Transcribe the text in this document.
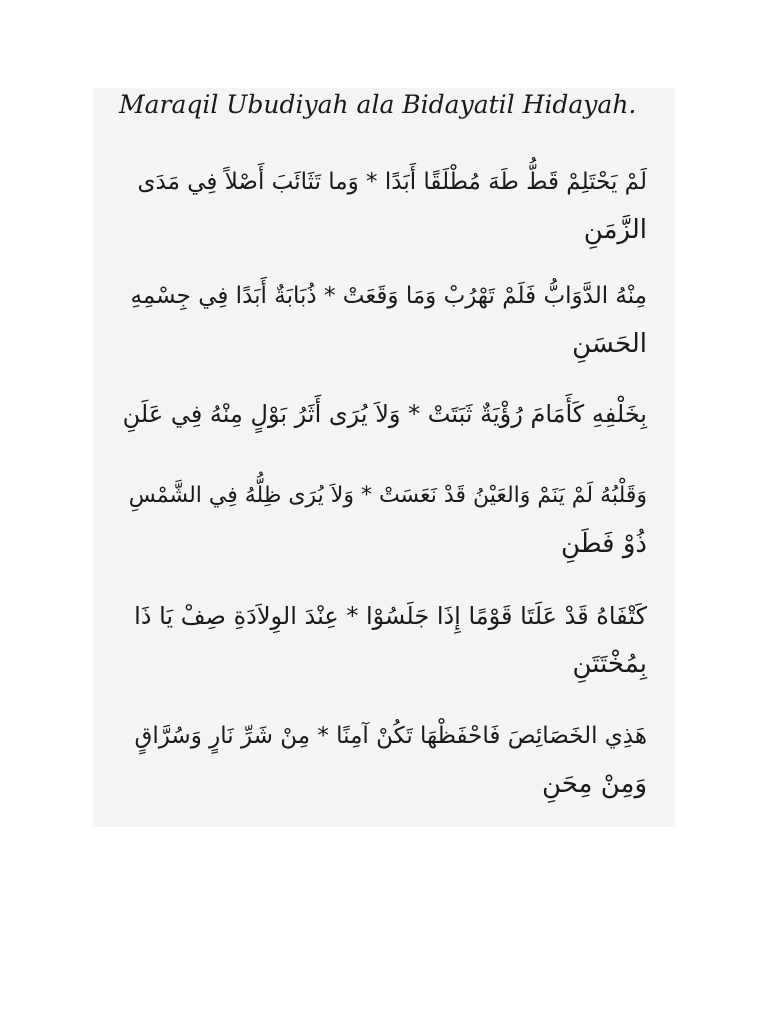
Maraqil Ubudiyah ala Bidayatil Hidayah.
لَمْ يَحْتَلِمْ قَطُّ طَهَ مُطْلَقًا أَبَدًا * وَما تَثَائَبَ أَصْلاً فِي مَدَى
الزَّمَنِ
مِنْهُ الدَّوَابُّ فَلَمْ تَهْرُبْ وَمَا وَقَعَتْ * ذُبَابَةٌ أَبَدًا فِي جِسْمِهِ
الحَسَنِ
بِخَلْفِهِ كَأَمَامَ رُؤْيَةٌ ثَبَتَتْ * وَلاَ يُرَى أَثَرُ بَوْلٍ مِنْهُ فِي عَلَنِ
وَقَلْبُهُ لَمْ يَنَمْ وَالعَيْنُ قَدْ نَعَسَتْ * وَلاَ يُرَى ظِلُّهُ فِي الشَّمْسِ
ذُوْ فَطَنِ
كَتْفَاهُ قَدْ عَلَتَا قَوْمًا إِذَا جَلَسُوْا * عِنْدَ الوِلاَدَةِ صِفْ يَا ذَا
بِمُخْتَتَنِ
هَذِي الخَصَائِصَ فَاحْفَظْهَا تَكُنْ آمِنًا * مِنْ شَرِّ نَارٍ وَسُرَّاقٍ
وَمِنْ مِحَنِ
